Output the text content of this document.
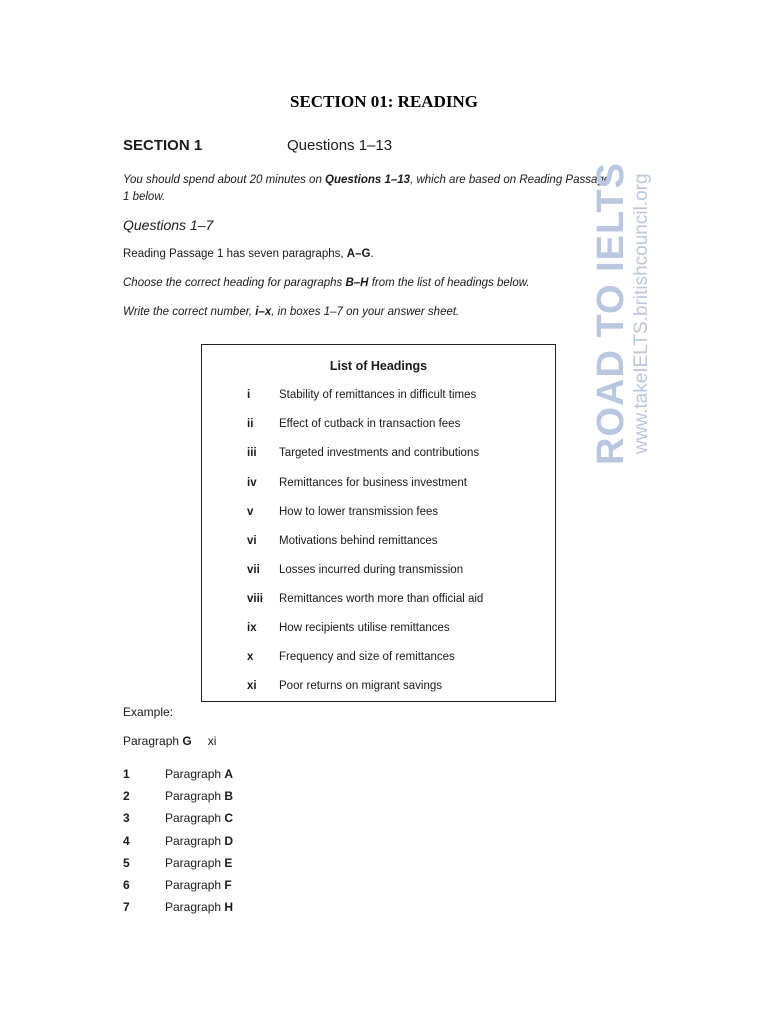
SECTION 01: READING
SECTION 1	Questions 1–13
You should spend about 20 minutes on Questions 1–13, which are based on Reading Passage 1 below.
Questions 1–7
Reading Passage 1 has seven paragraphs, A–G.
Choose the correct heading for paragraphs B–H from the list of headings below.
Write the correct number, i–x, in boxes 1–7 on your answer sheet.
List of Headings
i	Stability of remittances in difficult times
ii Effect of cutback in transaction fees
iii Targeted investments and contributions
iv Remittances for business investment
v How to lower transmission fees
vi Motivations behind remittances
vii Losses incurred during transmission
viii Remittances worth more than official aid
ix How recipients utilise remittances
x Frequency and size of remittances
xi Poor returns on migrant savings
Example:
Paragraph G xi
1	Paragraph A
2	Paragraph B
3	Paragraph C
4	Paragraph D
5	Paragraph E
6	Paragraph F
7	Paragraph H
ROAD TO IELTS www.takeIELTS.britishcouncil.org
